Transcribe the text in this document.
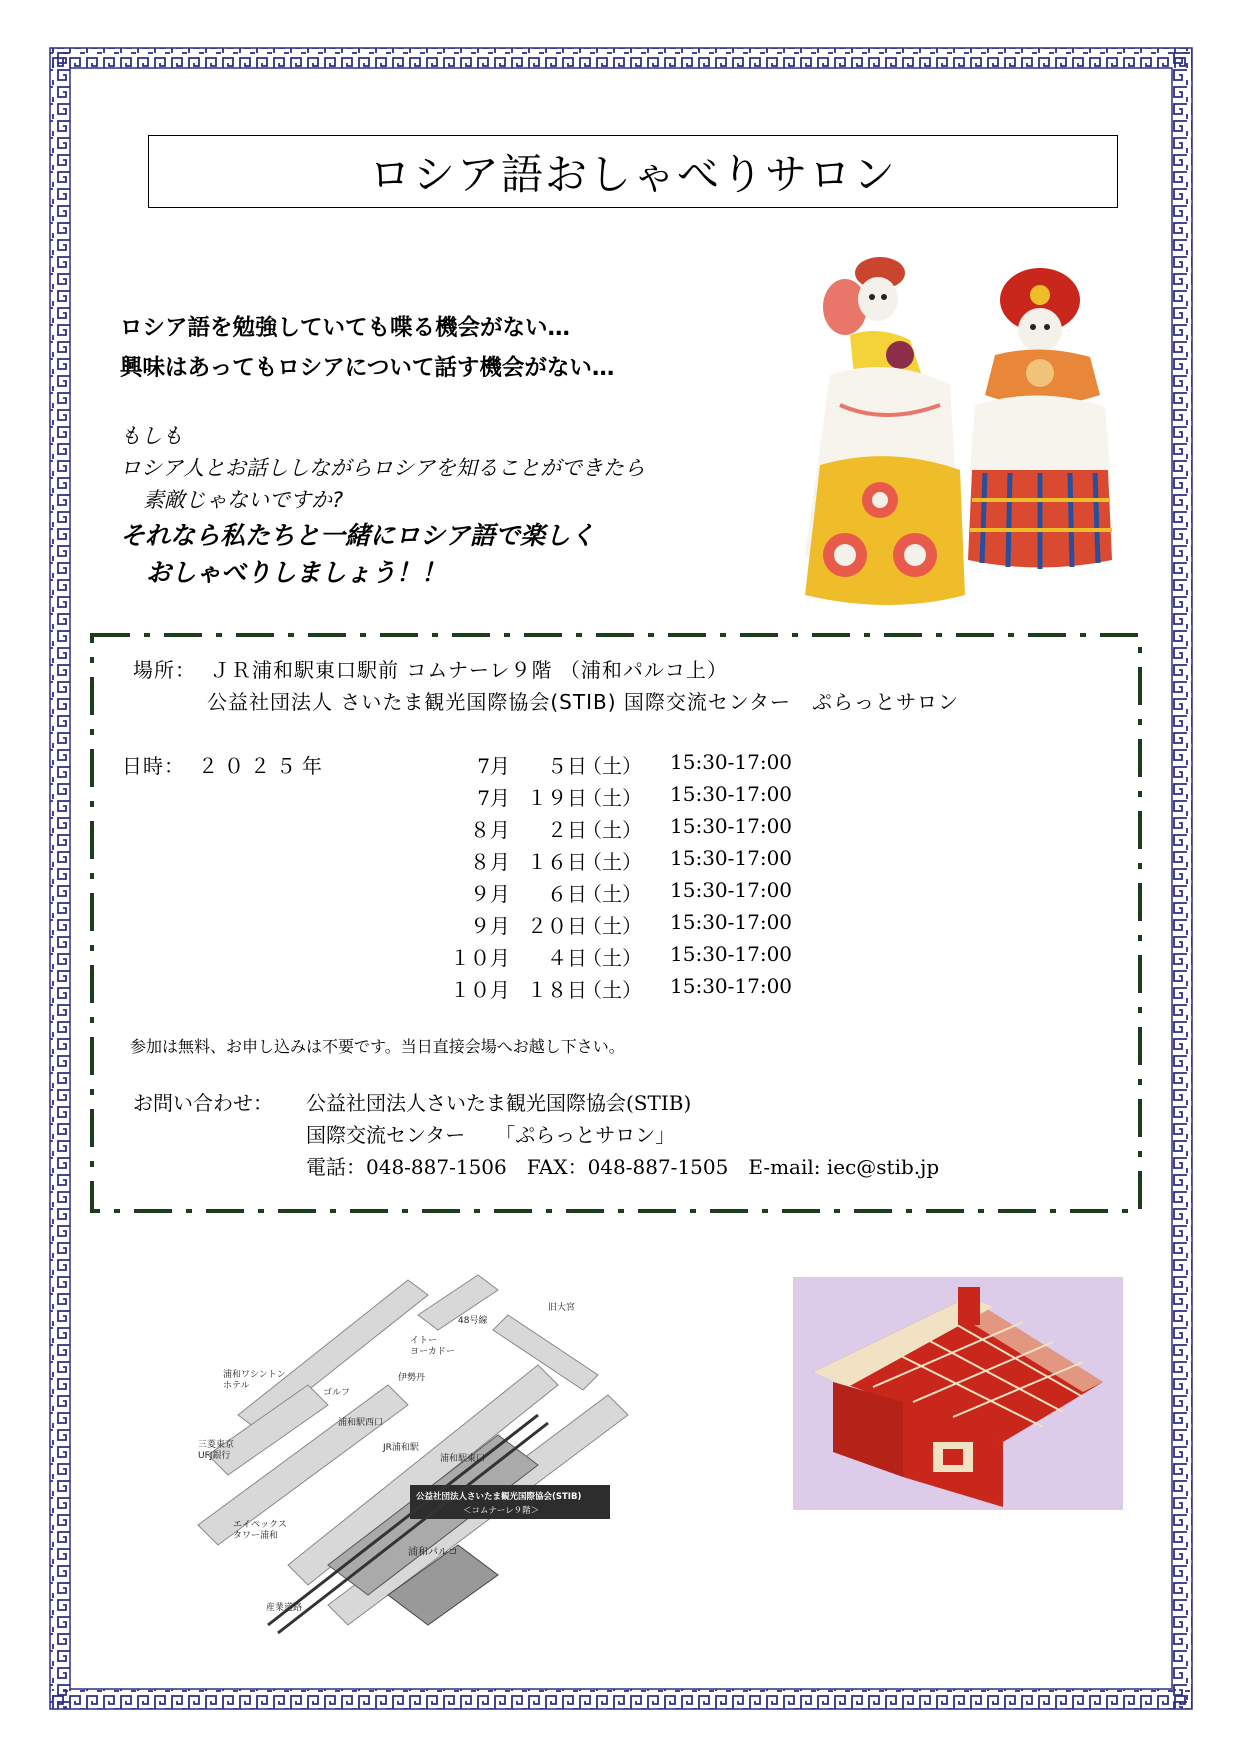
ロシア語おしゃべりサロン
ロシア語を勉強していても喋る機会がない…
興味はあってもロシアについて話す機会がない…
もしも
ロシア人とお話ししながらロシアを知ることができたら
素敵じゃないですか?
それなら私たちと一緒にロシア語で楽しく
おしゃべりしましょう！！
場所： ＪＲ浦和駅東口駅前 コムナーレ９階 （浦和パルコ上）
公益社団法人 さいたま観光国際協会(STIB) 国際交流センター　ぷらっとサロン
日時： ２０２５年	7月 ５日
（土） 15:30-17:00
7月 １９日
（土） 15:30-17:00
８月 ２日
（土） 15:30-17:00
８月 １６日
（土） 15:30-17:00
９月 ６日
（土） 15:30-17:00
９月 ２０日
（土） 15:30-17:00
１０月 ４日
（土） 15:30-17:00
１０月 １８日
（土） 15:30-17:00
参加は無料、お申し込みは不要です。当日直接会場へお越し下さい。
お問い合わせ： 公益社団法人さいたま観光国際協会(STIB)
国際交流センター　　「ぷらっとサロン」
電話：048-887-1506　FAX：048-887-1505　E-mail: iec@stib.jp
48号線
旧大宮
イトーヨーカドー
浦和ワシントンホテル
三菱東京 UFJ銀行
エイペックスタワー浦和
浦和駅西口
浦和駅東口
伊勢丹
ゴルフ
JR浦和駅
公益社団法人さいたま観光国際協会(STIB)
＜コムナーレ９階＞
浦和パルコ
産業道路
